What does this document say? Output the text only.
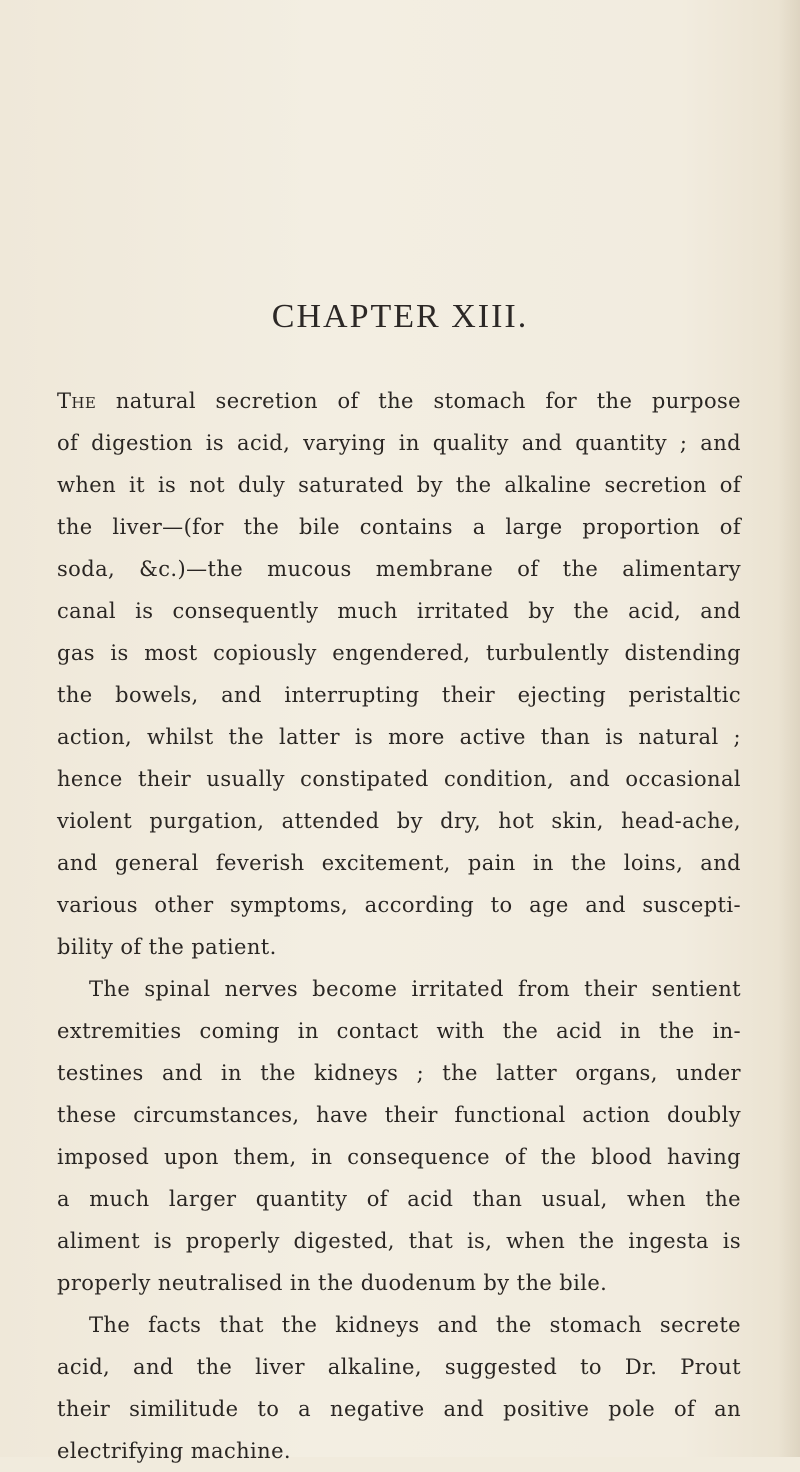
CHAPTER XIII.
The natural secretion of the stomach for the purpose
of digestion is acid, varying in quality and quantity ; and
when it is not duly saturated by the alkaline secretion of
the liver—(for the bile contains a large proportion of
soda, &c.)—the mucous membrane of the alimentary
canal is consequently much irritated by the acid, and
gas is most copiously engendered, turbulently distending
the bowels, and interrupting their ejecting peristaltic
action, whilst the latter is more active than is natural ;
hence their usually constipated condition, and occasional
violent purgation, attended by dry, hot skin, head-ache,
and general feverish excitement, pain in the loins, and
various other symptoms, according to age and suscepti-
bility of the patient.
The spinal nerves become irritated from their sentient
extremities coming in contact with the acid in the in-
testines and in the kidneys ; the latter organs, under
these circumstances, have their functional action doubly
imposed upon them, in consequence of the blood having
a much larger quantity of acid than usual, when the
aliment is properly digested, that is, when the ingesta is
properly neutralised in the duodenum by the bile.
The facts that the kidneys and the stomach secrete
acid, and the liver alkaline, suggested to Dr. Prout
their similitude to a negative and positive pole of an
electrifying machine.
